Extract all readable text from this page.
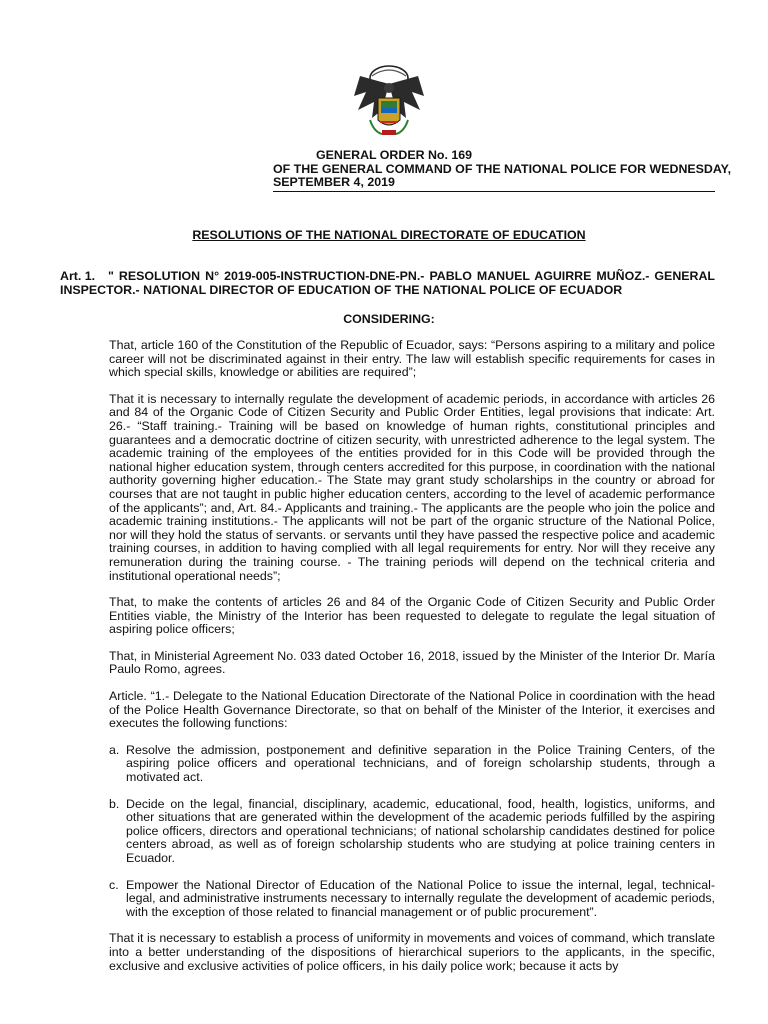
GENERAL ORDER No. 169
OF THE GENERAL COMMAND OF THE NATIONAL POLICE FOR WEDNESDAY,
SEPTEMBER 4, 2019
RESOLUTIONS OF THE NATIONAL DIRECTORATE OF EDUCATION
Art. 1.	" RESOLUTION N° 2019-005-INSTRUCTION-DNE-PN.- PABLO MANUEL AGUIRRE MUÑOZ.- GENERAL
INSPECTOR.- NATIONAL DIRECTOR OF EDUCATION OF THE NATIONAL POLICE OF ECUADOR
CONSIDERING:

That, article 160 of the Constitution of the Republic of Ecuador, says: “Persons aspiring to a military and police career will not be discriminated against in their entry. The law will establish specific requirements for cases in which special skills, knowledge or abilities are required”;

That it is necessary to internally regulate the development of academic periods, in accordance with articles 26 and 84 of the Organic Code of Citizen Security and Public Order Entities, legal provisions that indicate: Art. 26.- “Staff training.- Training will be based on knowledge of human rights, constitutional principles and guarantees and a democratic doctrine of citizen security, with unrestricted adherence to the legal system. The academic training of the employees of the entities provided for in this Code will be provided through the national higher education system, through centers accredited for this purpose, in coordination with the national authority governing higher education.- The State may grant study scholarships in the country or abroad for courses that are not taught in public higher education centers, according to the level of academic performance of the applicants”; and, Art. 84.- Applicants and training.- The applicants are the people who join the police and academic training institutions.- The applicants will not be part of the organic structure of the National Police, nor will they hold the status of servants. or servants until they have passed the respective police and academic training courses, in addition to having complied with all legal requirements for entry. Nor will they receive any remuneration during the training course. - The training periods will depend on the technical criteria and institutional operational needs”;

That, to make the contents of articles 26 and 84 of the Organic Code of Citizen Security and Public Order Entities viable, the Ministry of the Interior has been requested to delegate to regulate the legal situation of aspiring police officers;

That, in Ministerial Agreement No. 033 dated October 16, 2018, issued by the Minister of the Interior Dr. María Paulo Romo, agrees.

Article. “1.- Delegate to the National Education Directorate of the National Police in coordination with the head of the Police Health Governance Directorate, so that on behalf of the Minister of the Interior, it exercises and executes the following functions:

a. Resolve the admission, postponement and definitive separation in the Police Training Centers, of the aspiring police officers and operational technicians, and of foreign scholarship students, through a motivated act.
b. Decide on the legal, financial, disciplinary, academic, educational, food, health, logistics, uniforms, and other situations that are generated within the development of the academic periods fulfilled by the aspiring police officers, directors and operational technicians; of national scholarship candidates destined for police centers abroad, as well as of foreign scholarship students who are studying at police training centers in Ecuador.
c. Empower the National Director of Education of the National Police to issue the internal, legal, technical-legal, and administrative instruments necessary to internally regulate the development of academic periods, with the exception of those related to financial management or of public procurement”.

That it is necessary to establish a process of uniformity in movements and voices of command, which translate into a better understanding of the dispositions of hierarchical superiors to the applicants, in the specific, exclusive and exclusive activities of police officers, in his daily police work; because it acts by
